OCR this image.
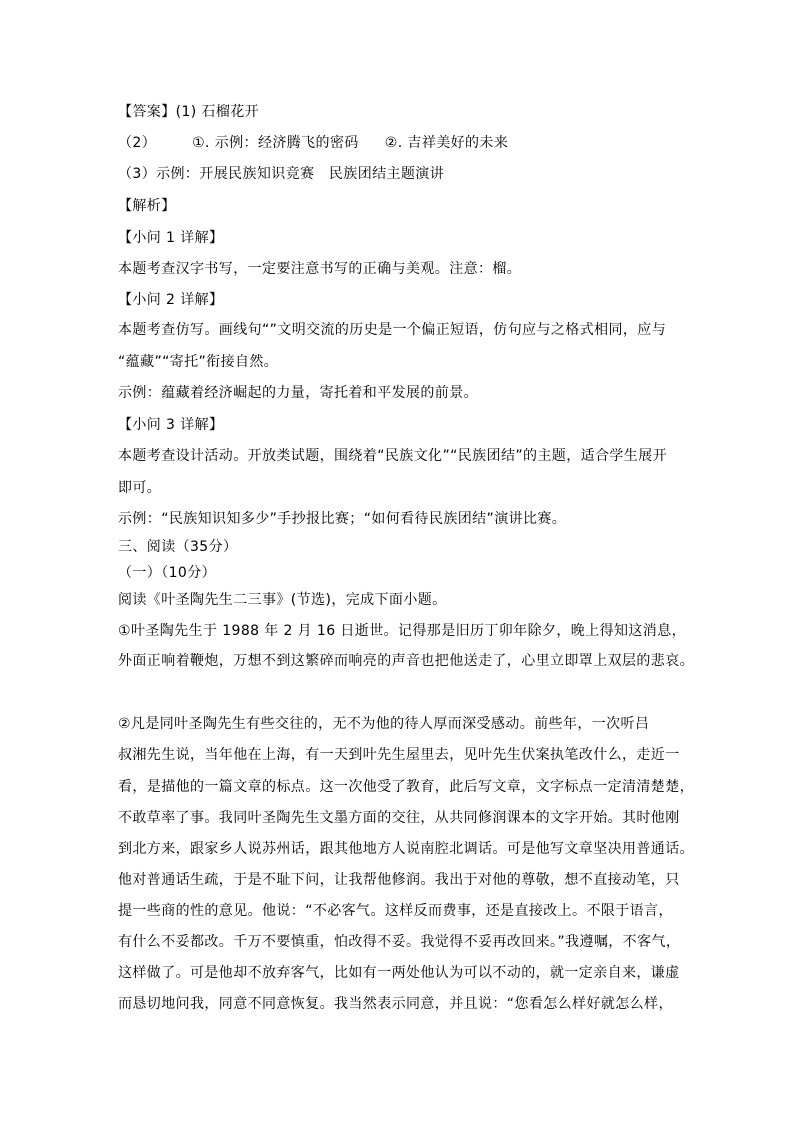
【答案】(1) 石榴花开
（2）	①. 示例：经济腾飞的密码 ②. 吉祥美好的未来
（3）示例：开展民族知识竞赛　民族团结主题演讲
【解析】
【小问 1 详解】
本题考查汉字书写，一定要注意书写的正确与美观。注意：榴。
【小问 2 详解】
本题考查仿写。画线句“”文明交流的历史是一个偏正短语，仿句应与之格式相同，应与
“蕴藏”“寄托”衔接自然。
示例：蕴藏着经济崛起的力量，寄托着和平发展的前景。
【小问 3 详解】
本题考查设计活动。开放类试题，围绕着“民族文化”“民族团结”的主题，适合学生展开
即可。
示例：“民族知识知多少”手抄报比赛；“如何看待民族团结”演讲比赛。
三、阅读（35分）
（一）（10分）
阅读《叶圣陶先生二三事》(节选)，完成下面小题。
①叶圣陶先生于 1988 年 2 月 16 日逝世。记得那是旧历丁卯年除夕，晚上得知这消息，
外面正响着鞭炮，万想不到这繁碎而响亮的声音也把他送走了，心里立即罩上双层的悲哀。
②凡是同叶圣陶先生有些交往的，无不为他的待人厚而深受感动。前些年，一次听吕
叔湘先生说，当年他在上海，有一天到叶先生屋里去，见叶先生伏案执笔改什么，走近一
看，是描他的一篇文章的标点。这一次他受了教育，此后写文章，文字标点一定清清楚楚，
不敢草率了事。我同叶圣陶先生文墨方面的交往，从共同修润课本的文字开始。其时他刚
到北方来，跟家乡人说苏州话，跟其他地方人说南腔北调话。可是他写文章坚决用普通话。
他对普通话生疏，于是不耻下问，让我帮他修润。我出于对他的尊敬，想不直接动笔，只
提一些商的性的意见。他说：“不必客气。这样反而费事，还是直接改上。不限于语言，
有什么不妥都改。千万不要慎重，怕改得不妥。我觉得不妥再改回来。”我遵嘱，不客气，
这样做了。可是他却不放弃客气，比如有一两处他认为可以不动的，就一定亲自来，谦虚
而恳切地问我，同意不同意恢复。我当然表示同意，并且说：“您看怎么样好就怎么样，
